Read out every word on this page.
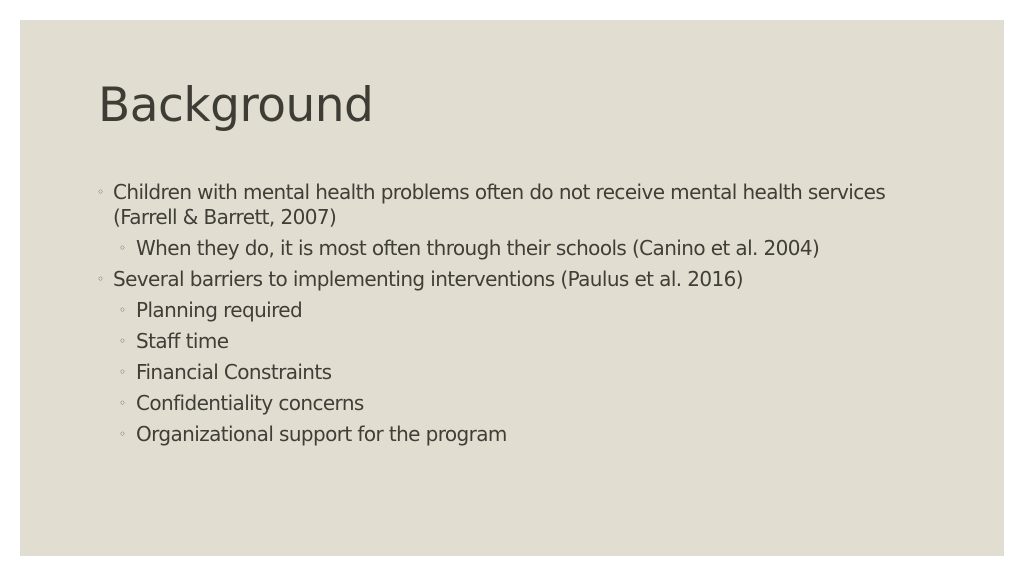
Background
◦ Children with mental health problems often do not receive mental health services (Farrell & Barrett, 2007)
◦ When they do, it is most often through their schools (Canino et al. 2004)
◦ Several barriers to implementing interventions (Paulus et al. 2016)
◦ Planning required
◦ Staff time
◦ Financial Constraints
◦ Confidentiality concerns
◦ Organizational support for the program
